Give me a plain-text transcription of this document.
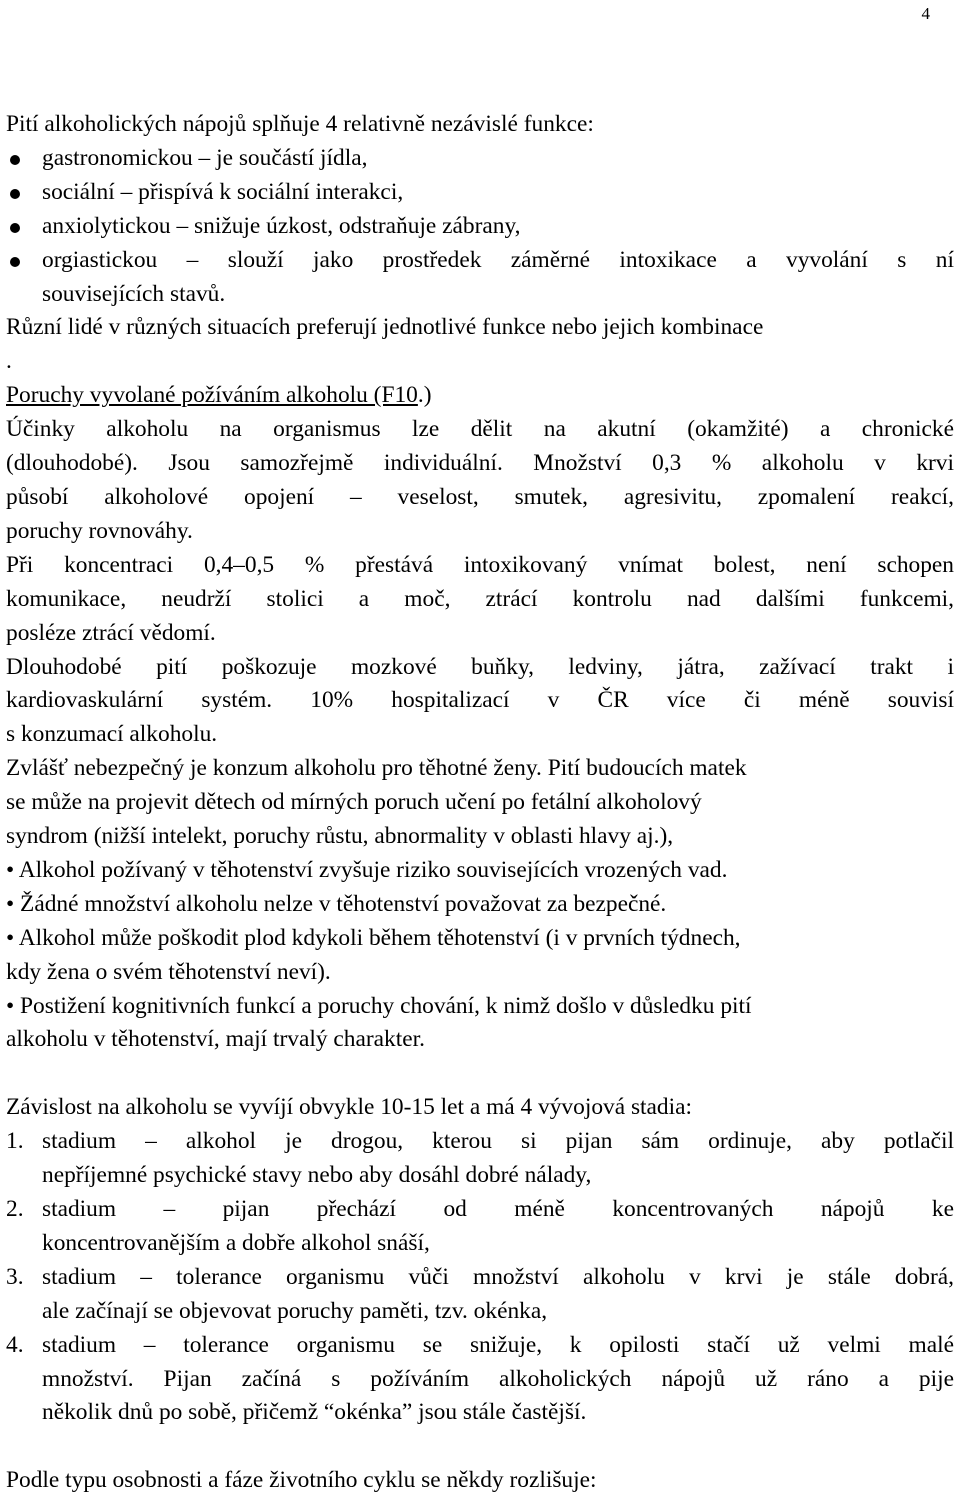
4
Pití alkoholických nápojů splňuje 4 relativně nezávislé funkce:
gastronomickou – je součástí jídla,
sociální – přispívá k sociální interakci,
anxiolytickou – snižuje úzkost, odstraňuje zábrany,
orgiastickou – slouží jako prostředek záměrné intoxikace a vyvolání s ní
souvisejících stavů.
Různí lidé v různých situacích preferují jednotlivé funkce nebo jejich kombinace
.
Poruchy vyvolané požíváním alkoholu (F10.)
Účinky alkoholu na organismus lze dělit na akutní (okamžité) a chronické
(dlouhodobé). Jsou samozřejmě individuální. Množství 0,3 % alkoholu v krvi
působí alkoholové opojení – veselost, smutek, agresivitu, zpomalení reakcí,
poruchy rovnováhy.
Při koncentraci 0,4–0,5 % přestává intoxikovaný vnímat bolest, není schopen
komunikace, neudrží stolici a moč, ztrácí kontrolu nad dalšími funkcemi,
posléze ztrácí vědomí.
Dlouhodobé pití poškozuje mozkové buňky, ledviny, játra, zažívací trakt i
kardiovaskulární systém. 10% hospitalizací v ČR více či méně souvisí
s konzumací alkoholu.
Zvlášť nebezpečný je konzum alkoholu pro těhotné ženy. Pití budoucích matek
se může na projevit dětech od mírných poruch učení po fetální alkoholový
syndrom (nižší intelekt, poruchy růstu, abnormality v oblasti hlavy aj.),
• Alkohol požívaný v těhotenství zvyšuje riziko souvisejících vrozených vad.
• Žádné množství alkoholu nelze v těhotenství považovat za bezpečné.
• Alkohol může poškodit plod kdykoli během těhotenství (i v prvních týdnech,
kdy žena o svém těhotenství neví).
• Postižení kognitivních funkcí a poruchy chování, k nimž došlo v důsledku pití
alkoholu v těhotenství, mají trvalý charakter.
Závislost na alkoholu se vyvíjí obvykle 10-15 let a má 4 vývojová stadia:
1. stadium – alkohol je drogou, kterou si pijan sám ordinuje, aby potlačil
nepříjemné psychické stavy nebo aby dosáhl dobré nálady,
2. stadium – pijan přechází od méně koncentrovaných nápojů ke
koncentrovanějším a dobře alkohol snáší,
3. stadium – tolerance organismu vůči množství alkoholu v krvi je stále dobrá,
ale začínají se objevovat poruchy paměti, tzv. okénka,
4. stadium – tolerance organismu se snižuje, k opilosti stačí už velmi malé
množství. Pijan začíná s požíváním alkoholických nápojů už ráno a pije
několik dnů po sobě, přičemž “okénka” jsou stále častější.
Podle typu osobnosti a fáze životního cyklu se někdy rozlišuje:
